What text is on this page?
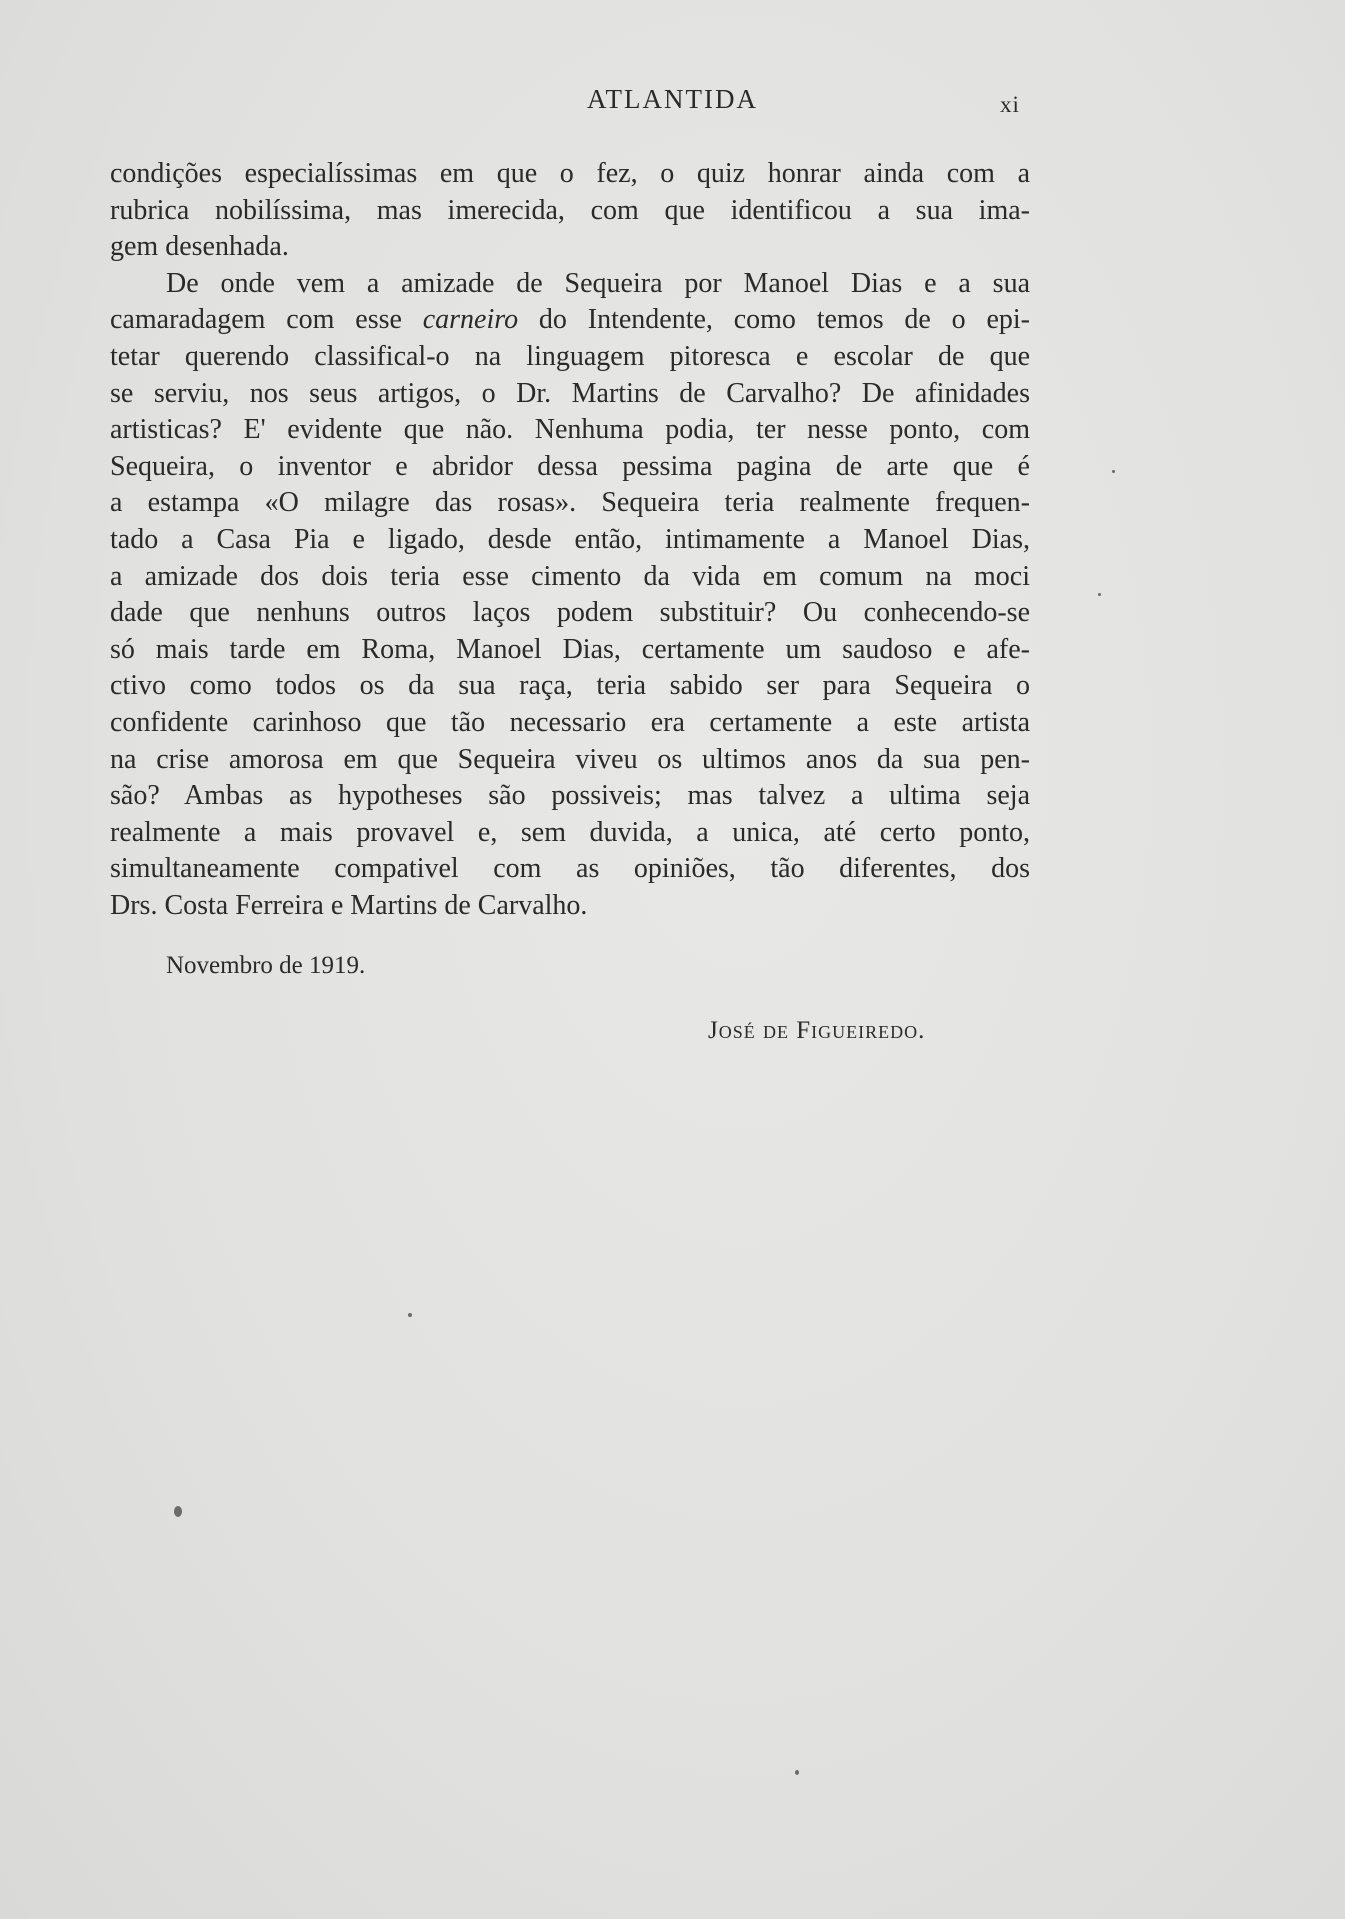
ATLANTIDA	xi
condições especialíssimas em que o fez, o quiz honrar ainda com a
rubrica nobilíssima, mas imerecida, com que identificou a sua ima-
gem desenhada.
De onde vem a amizade de Sequeira por Manoel Dias e a sua
camaradagem com esse carneiro do Intendente, como temos de o epi-
tetar querendo classifical-o na linguagem pitoresca e escolar de que
se serviu, nos seus artigos, o Dr. Martins de Carvalho? De afinidades
artisticas? E' evidente que não. Nenhuma podia, ter nesse ponto, com
Sequeira, o inventor e abridor dessa pessima pagina de arte que é
a estampa «O milagre das rosas». Sequeira teria realmente frequen-
tado a Casa Pia e ligado, desde então, intimamente a Manoel Dias,
a amizade dos dois teria esse cimento da vida em comum na moci
dade que nenhuns outros laços podem substituir? Ou conhecendo-se
só mais tarde em Roma, Manoel Dias, certamente um saudoso e afe-
ctivo como todos os da sua raça, teria sabido ser para Sequeira o
confidente carinhoso que tão necessario era certamente a este artista
na crise amorosa em que Sequeira viveu os ultimos anos da sua pen-
são? Ambas as hypotheses são possiveis; mas talvez a ultima seja
realmente a mais provavel e, sem duvida, a unica, até certo ponto,
simultaneamente compativel com as opiniões, tão diferentes, dos
Drs. Costa Ferreira e Martins de Carvalho.
Novembro de 1919.
José de Figueiredo.
